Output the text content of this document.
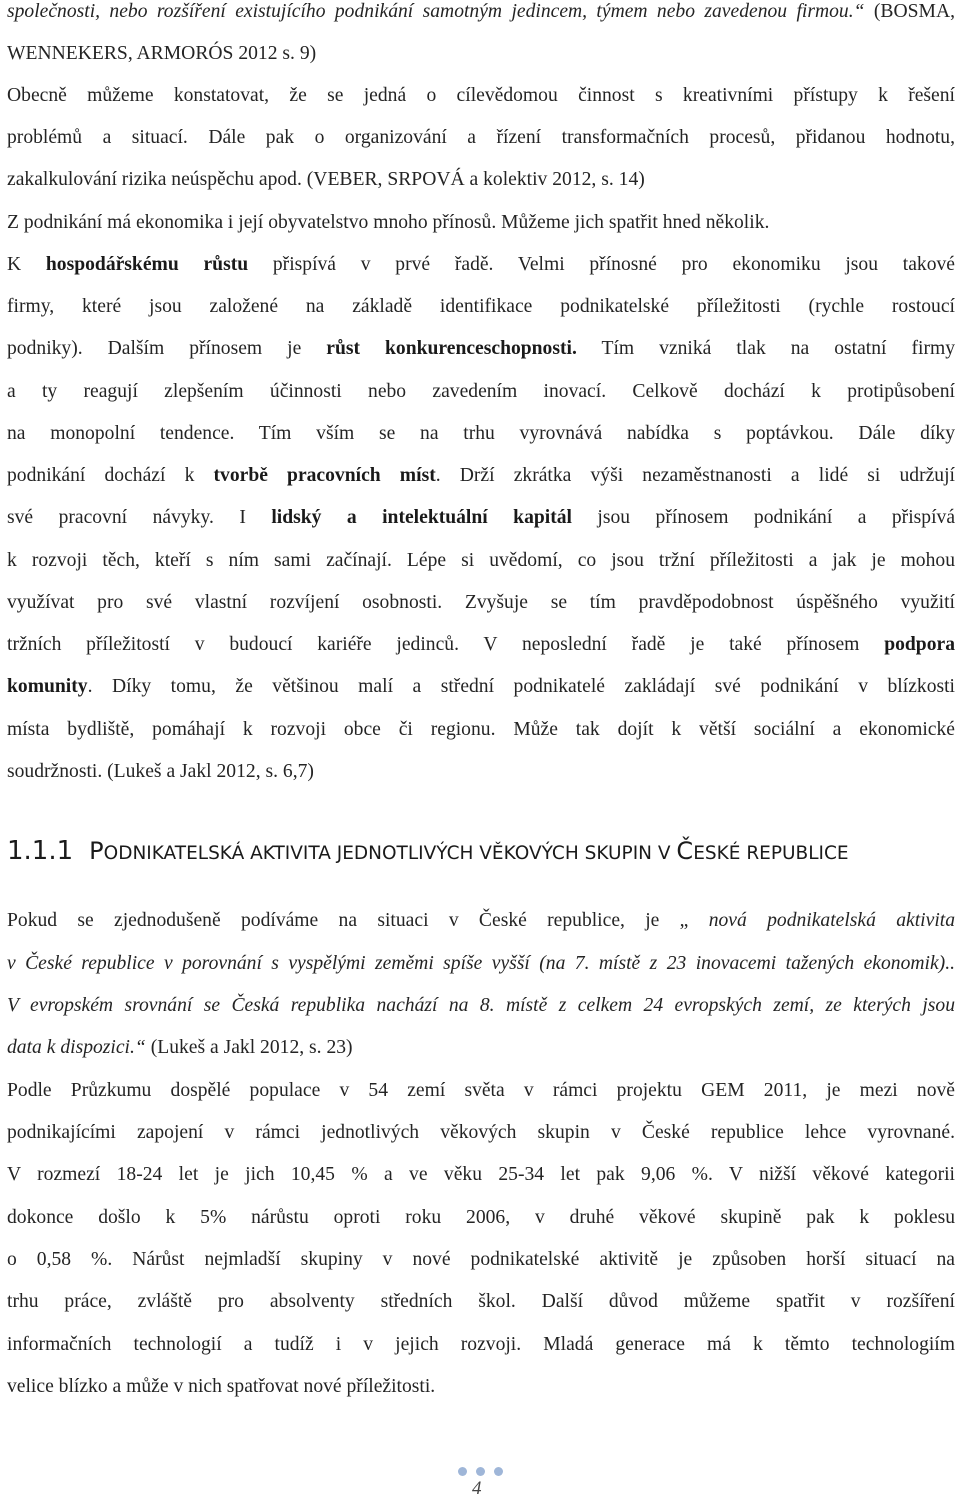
společnosti, nebo rozšíření existujícího podnikání samotným jedincem, týmem nebo zavedenou firmou.“ (BOSMA,
WENNEKERS, ARMORÓS 2012 s. 9)
Obecně můžeme konstatovat, že se jedná o cílevědomou činnost s kreativními přístupy k řešení
problémů a situací. Dále pak o organizování a řízení transformačních procesů, přidanou hodnotu,
zakalkulování rizika neúspěchu apod. (VEBER, SRPOVÁ a kolektiv 2012, s. 14)
Z podnikání má ekonomika i její obyvatelstvo mnoho přínosů. Můžeme jich spatřit hned několik.
K hospodářskému růstu přispívá v prvé řadě. Velmi přínosné pro ekonomiku jsou takové
firmy, které jsou založené na základě identifikace podnikatelské příležitosti (rychle rostoucí
podniky). Dalším přínosem je růst konkurenceschopnosti. Tím vzniká tlak na ostatní firmy
a ty reagují zlepšením účinnosti nebo zavedením inovací. Celkově dochází k protipůsobení
na monopolní tendence. Tím vším se na trhu vyrovnává nabídka s poptávkou. Dále díky
podnikání dochází k tvorbě pracovních míst. Drží zkrátka výši nezaměstnanosti a lidé si udržují
své pracovní návyky. I lidský a intelektuální kapitál jsou přínosem podnikání a přispívá
k rozvoji těch, kteří s ním sami začínají. Lépe si uvědomí, co jsou tržní příležitosti a jak je mohou
využívat pro své vlastní rozvíjení osobnosti. Zvyšuje se tím pravděpodobnost úspěšného využití
tržních příležitostí v budoucí kariéře jedinců. V neposlední řadě je také přínosem podpora
komunity. Díky tomu, že většinou malí a střední podnikatelé zakládají své podnikání v blízkosti
místa bydliště, pomáhají k rozvoji obce či regionu. Může tak dojít k větší sociální a ekonomické
soudržnosti. (Lukeš a Jakl 2012, s. 6,7)
Pokud se zjednodušeně podíváme na situaci v České republice, je „ nová podnikatelská aktivita
v České republice v porovnání s vyspělými zeměmi spíše vyšší (na 7. místě z 23 inovacemi tažených ekonomik)..
V evropském srovnání se Česká republika nachází na 8. místě z celkem 24 evropských zemí, ze kterých jsou
data k dispozici.“ (Lukeš a Jakl 2012, s. 23)
Podle Průzkumu dospělé populace v 54 zemí světa v rámci projektu GEM 2011, je mezi nově
podnikajícími zapojení v rámci jednotlivých věkových skupin v České republice lehce vyrovnané.
V rozmezí 18-24 let je jich 10,45 % a ve věku 25-34 let pak 9,06 %. V nižší věkové kategorii
dokonce došlo k 5% nárůstu oproti roku 2006, v druhé věkové skupině pak k poklesu
o 0,58 %. Nárůst nejmladší skupiny v nové podnikatelské aktivitě je způsoben horší situací na
trhu práce, zvláště pro absolventy středních škol. Další důvod můžeme spatřit v rozšíření
informačních technologií a tudíž i v jejich rozvoji. Mladá generace má k těmto technologiím
velice blízko a může v nich spatřovat nové příležitosti.
1.1.1 PODNIKATELSKÁ AKTIVITA JEDNOTLIVÝCH VĚKOVÝCH SKUPIN V ČESKÉ REPUBLICE
4
